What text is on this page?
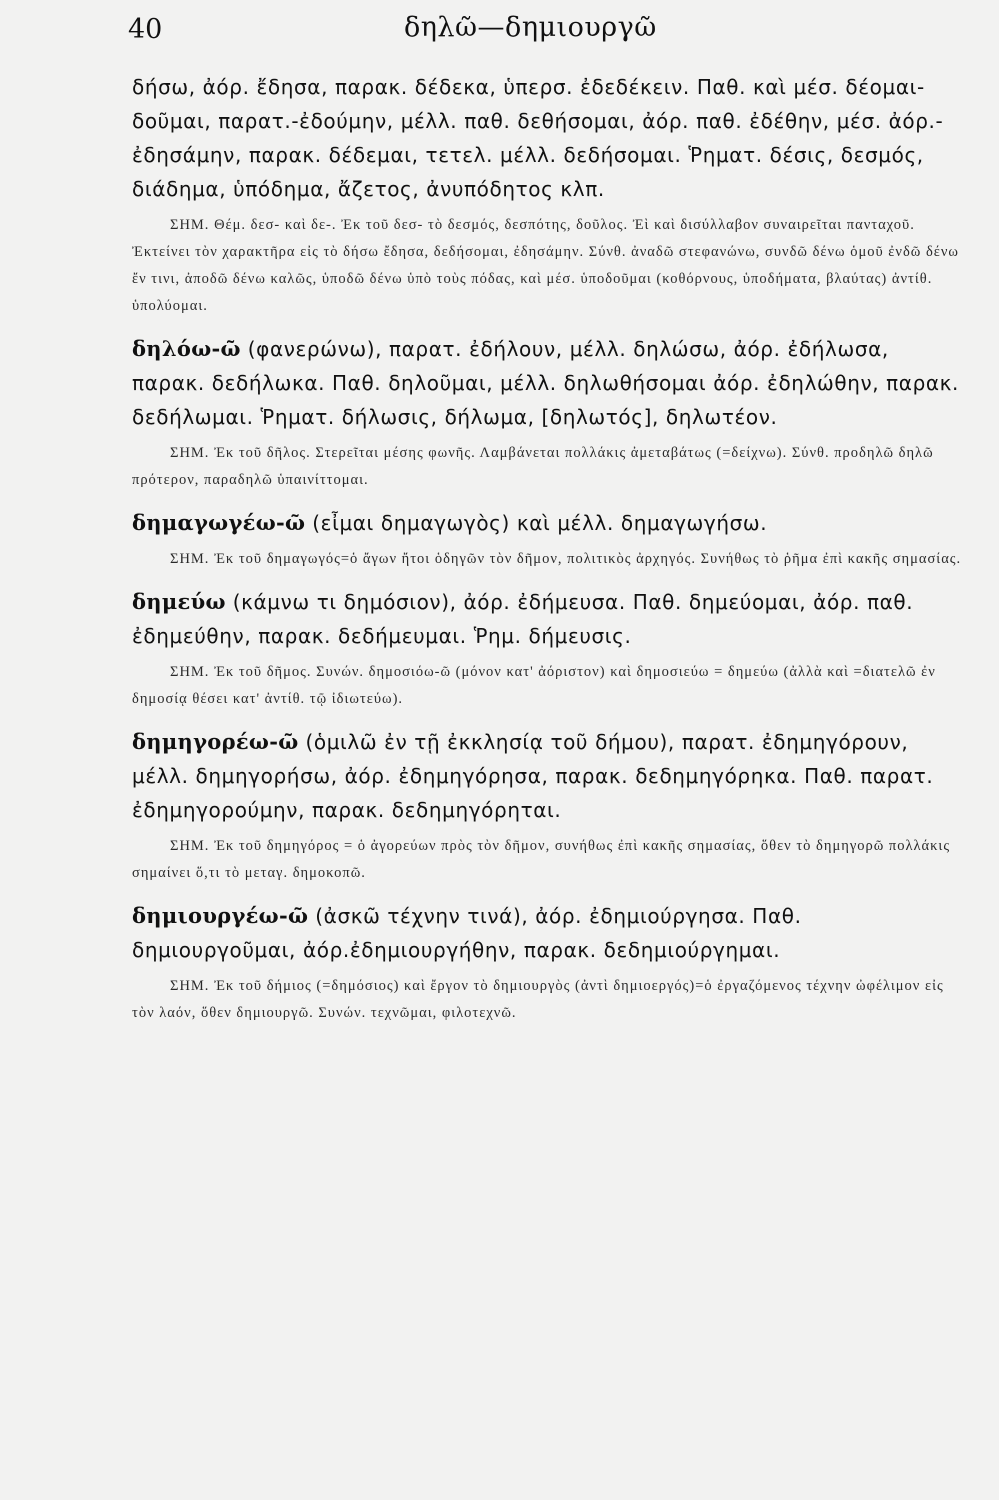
40	δηλῶ—δημιουργῶ

δήσω, ἀόρ. ἔδησα, παρακ. δέδεκα, ὑπερσ. ἐδεδέκειν. Παθ. καὶ μέσ. δέομαι-δοῦμαι, παρατ.-ἐδούμην, μέλλ. παθ. δεθήσομαι, ἀόρ. παθ. ἐδέθην, μέσ. ἀόρ.-ἐδησάμην, παρακ. δέδεμαι, τετελ. μέλλ. δεδήσομαι. Ῥηματ. δέσις, δεσμός, διάδημα, ὑπόδημα, ἄζετος, ἀνυπόδητος κλπ.

ΣΗΜ. Θέμ. δεσ- καὶ δε-. Ἐκ τοῦ δεσ- τὸ δεσμός, δεσπότης, δοῦλος. Ἐὶ καὶ δισύλλαβον συναιρεῖται πανταχοῦ. Ἐκτείνει τὸν χαρακτῆρα εἰς τὸ δήσω ἔδησα, δεδήσομαι, ἐδησάμην. Σύνθ. ἀναδῶ στεφανώνω, συνδῶ δένω ὁμοῦ ἐνδῶ δένω ἔν τινι, ἀποδῶ δένω καλῶς, ὑποδῶ δένω ὑπὸ τοὺς πόδας, καὶ μέσ. ὑποδοῦμαι (κοθόρνους, ὑποδήματα, βλαύτας) ἀντίθ. ὑπολύομαι.

δηλόω-ῶ (φανερώνω), παρατ. ἐδήλουν, μέλλ. δηλώσω, ἀόρ. ἐδήλωσα, παρακ. δεδήλωκα. Παθ. δηλοῦμαι, μέλλ. δηλωθήσομαι ἀόρ. ἐδηλώθην, παρακ. δεδήλωμαι. Ῥηματ. δήλωσις, δήλωμα, [δηλωτός], δηλωτέον.

ΣΗΜ. Ἐκ τοῦ δῆλος. Στερεῖται μέσης φωνῆς. Λαμβάνεται πολλάκις ἀμεταβάτως (=δείχνω). Σύνθ. προδηλῶ δηλῶ πρότερον, παραδηλῶ ὑπαινίττομαι.

δημαγωγέω-ῶ (εἶμαι δημαγωγὸς) καὶ μέλλ. δημαγωγήσω.

ΣΗΜ. Ἐκ τοῦ δημαγωγός=ὁ ἄγων ἤτοι ὁδηγῶν τὸν δῆμον, πολιτικὸς ἀρχηγός. Συνήθως τὸ ῥῆμα ἐπὶ κακῆς σημασίας.

δημεύω (κάμνω τι δημόσιον), ἀόρ. ἐδήμευσα. Παθ. δημεύομαι, ἀόρ. παθ. ἐδημεύθην, παρακ. δεδήμευμαι. Ῥημ. δήμευσις.

ΣΗΜ. Ἐκ τοῦ δῆμος. Συνών. δημοσιόω-ῶ (μόνον κατ' ἀόριστον) καὶ δημοσιεύω = δημεύω (ἀλλὰ καὶ =διατελῶ ἐν δημοσίᾳ θέσει κατ' ἀντίθ. τῷ ἰδιωτεύω).

δημηγορέω-ῶ (ὁμιλῶ ἐν τῇ ἐκκλησίᾳ τοῦ δήμου), παρατ. ἐδημηγόρουν, μέλλ. δημηγορήσω, ἀόρ. ἐδημηγόρησα, παρακ. δεδημηγόρηκα. Παθ. παρατ. ἐδημηγορούμην, παρακ. δεδημηγόρηται.

ΣΗΜ. Ἐκ τοῦ δημηγόρος = ὁ ἀγορεύων πρὸς τὸν δῆμον, συνήθως ἐπὶ κακῆς σημασίας, ὅθεν τὸ δημηγορῶ πολλάκις σημαίνει ὅ,τι τὸ μεταγ. δημοκοπῶ.

δημιουργέω-ῶ (ἀσκῶ τέχνην τινά), ἀόρ. ἐδημιούργησα. Παθ. δημιουργοῦμαι, ἀόρ.ἐδημιουργήθην, παρακ. δεδημιούργημαι.

ΣΗΜ. Ἐκ τοῦ δήμιος (=δημόσιος) καὶ ἔργον τὸ δημιουργὸς (ἀντὶ δημιοεργός)=ὁ ἐργαζόμενος τέχνην ὠφέλιμον εἰς τὸν λαόν, ὅθεν δημιουργῶ. Συνών. τεχνῶμαι, φιλοτεχνῶ.
